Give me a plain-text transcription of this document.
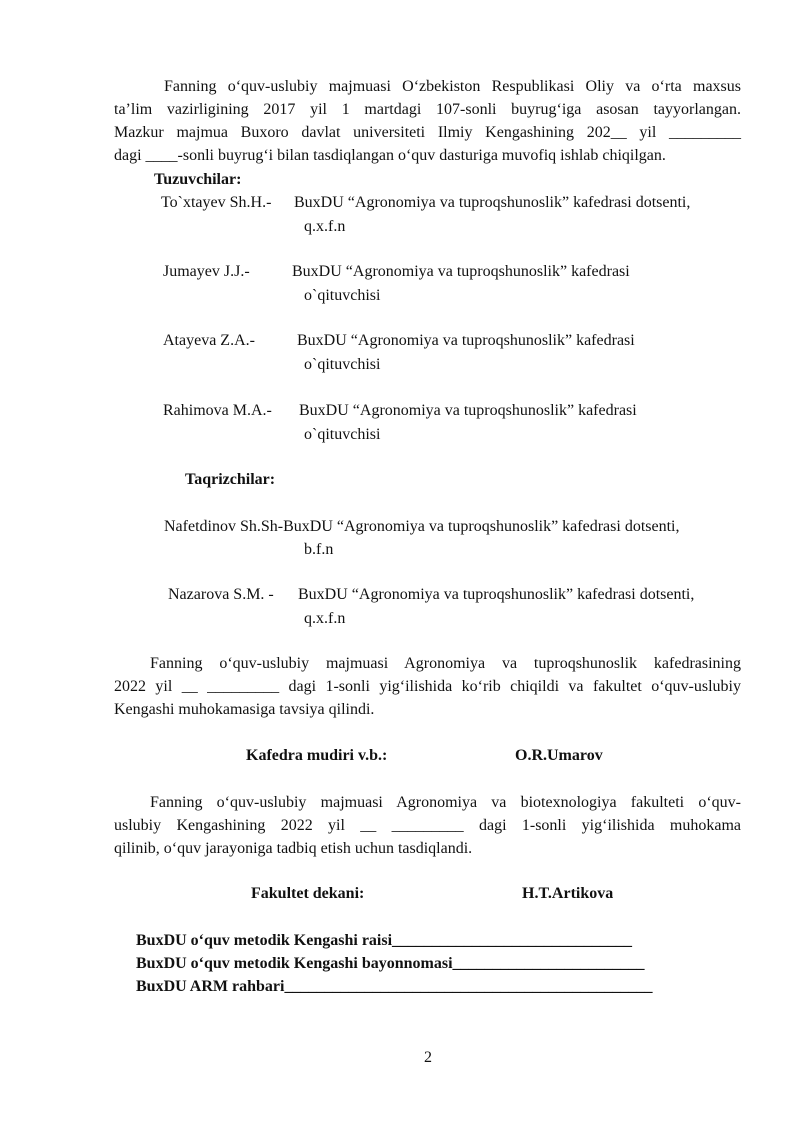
Fanning o‘quv-uslubiy majmuasi O‘zbekiston Respublikasi Oliy va o‘rta maxsus
ta’lim vazirligining 2017 yil 1 martdagi 107-sonli buyrug‘iga asosan tayyorlangan.
Mazkur majmua Buxoro davlat universiteti Ilmiy Kengashining 202__ yil _________
dagi ____-sonli buyrug‘i bilan tasdiqlangan o‘quv dasturiga muvofiq ishlab chiqilgan.
Tuzuvchilar:
To`xtayev Sh.H.- BuxDU “Agronomiya va tuproqshunoslik” kafedrasi dotsenti,
q.x.f.n
Jumayev J.J.-	BuxDU “Agronomiya va tuproqshunoslik” kafedrasi
o`qituvchisi
Atayeva Z.A.-	BuxDU “Agronomiya va tuproqshunoslik” kafedrasi
o`qituvchisi
Rahimova M.A.- BuxDU “Agronomiya va tuproqshunoslik” kafedrasi
o`qituvchisi
Taqrizchilar:
Nafetdinov Sh.Sh-BuxDU “Agronomiya va tuproqshunoslik” kafedrasi dotsenti,
b.f.n
Nazarova S.M. - BuxDU “Agronomiya va tuproqshunoslik” kafedrasi dotsenti,
q.x.f.n
Fanning o‘quv-uslubiy majmuasi Agronomiya va tuproqshunoslik kafedrasining
2022 yil __ _________ dagi 1-sonli yig‘ilishida ko‘rib chiqildi va fakultet o‘quv-uslubiy
Kengashi muhokamasiga tavsiya qilindi.
Kafedra mudiri v.b.:	O.R.Umarov
Fanning o‘quv-uslubiy majmuasi Agronomiya va biotexnologiya fakulteti o‘quv-
uslubiy Kengashining 2022 yil __ _________ dagi 1-sonli yig‘ilishida muhokama
qilinib, o‘quv jarayoniga tadbiq etish uchun tasdiqlandi.
Fakultet dekani:	H.T.Artikova
BuxDU o‘quv metodik Kengashi raisi______________________________
BuxDU o‘quv metodik Kengashi bayonnomasi________________________
BuxDU ARM rahbari______________________________________________
2
